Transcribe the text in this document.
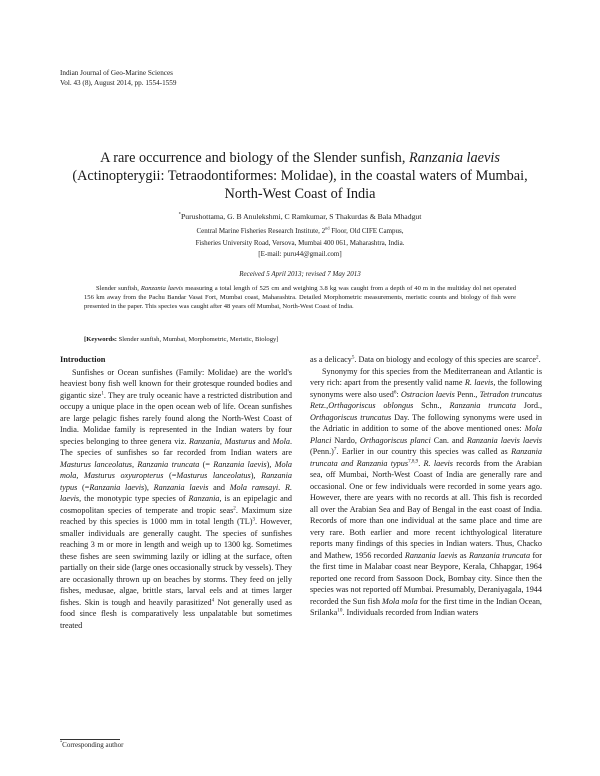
Indian Journal of Geo-Marine Sciences
Vol. 43 (8), August 2014, pp. 1554-1559
A rare occurrence and biology of the Slender sunfish, Ranzania laevis
(Actinopterygii: Tetraodontiformes: Molidae), in the coastal waters of Mumbai,
North-West Coast of India
*Purushottama, G. B Anulekshmi, C Ramkumar, S Thakurdas & Bala Mhadgut
Central Marine Fisheries Research Institute, 2nd Floor, Old CIFE Campus,
Fisheries University Road, Versova, Mumbai 400 061, Maharashtra, India.
[E-mail: puru44@gmail.com]
Received 5 April 2013; revised 7 May 2013
Slender sunfish, Ranzania laevis measuring a total length of 525 cm and weighing 3.8 kg was caught from a depth of 40 m in the multiday dol net operated 156 km away from the Pachu Bandar Vasai Fort, Mumbai coast, Maharashtra. Detailed Morphometric measurements, meristic counts and biology of fish were presented in the paper. This species was caught after 48 years off Mumbai, North-West Coast of India.
[Keywords: Slender sunfish, Mumbai, Morphometric, Meristic, Biology]
Introduction

Sunfishes or Ocean sunfishes (Family: Molidae) are the world's heaviest bony fish well known for their grotesque rounded bodies and gigantic size$^1$. They are truly oceanic have a restricted distribution and occupy a unique place in the open ocean web of life. Ocean sunfishes are large pelagic fishes rarely found along the North-West Coast of India. Molidae family is represented in the Indian waters by four species belonging to three genera viz. Ranzania, Masturus and Mola. The species of sunfishes so far recorded from Indian waters are Masturus lanceolatus, Ranzania truncata (= Ranzania laevis), Mola mola, Masturus oxyuropterus (=Masturus lanceolatus), Ranzania typus (=Ranzania laevis), Ranzania laevis and Mola ramsayi. R. laevis, the monotypic type species of Ranzania, is an epipelagic and cosmopolitan species of temperate and tropic seas$^2$. Maximum size reached by this species is 1000 mm in total length (TL)$^3$. However, smaller individuals are generally caught. The species of sunfishes reaching 3 m or more in length and weigh up to 1300 kg. Sometimes these fishes are seen swimming lazily or idling at the surface, often partially on their side (large ones occasionally struck by vessels). They are occasionally thrown up on beaches by storms. They feed on jelly fishes, medusae, algae, brittle stars, larval eels and at times larger fishes. Skin is tough and heavily parasitized$^4$ Not generally used as food since flesh is comparatively less unpalatable but sometimes treated

as a delicacy$^5$. Data on biology and ecology of this species are scarce$^2$.

Synonymy for this species from the Mediterranean and Atlantic is very rich: apart from the presently valid name R. laevis, the following synonyms were also used$^6$: Ostracion laevis Penn., Tetradon truncatus Retz.,Orthagoriscus oblongus Schn., Ranzania truncata Jord., Orthagoriscus truncatus Day. The following synonyms were used in the Adriatic in addition to some of the above mentioned ones: Mola Planci Nardo, Orthagoriscus planci Can. and Ranzania laevis laevis (Penn.)$^7$. Earlier in our country this species was called as Ranzania truncata and Ranzania typus$^{7,8,9}$. R. laevis records from the Arabian sea, off Mumbai, North-West Coast of India are generally rare and occasional. One or few individuals were recorded in some years ago. However, there are years with no records at all. This fish is recorded all over the Arabian Sea and Bay of Bengal in the east coast of India. Records of more than one individual at the same place and time are very rare. Both earlier and more recent ichthyological literature reports many findings of this species in Indian waters. Thus, Chacko and Mathew, 1956 recorded Ranzania laevis as Ranzania truncata for the first time in Malabar coast near Beypore, Kerala, Chhapgar, 1964 reported one record from Sassoon Dock, Bombay city. Since then the species was not reported off Mumbai. Presumably, Deraniyagala, 1944 recorded the Sun fish Mola mola for the first time in the Indian Ocean, Srilanka$^{10}$. Individuals recorded from Indian waters

*Corresponding author
